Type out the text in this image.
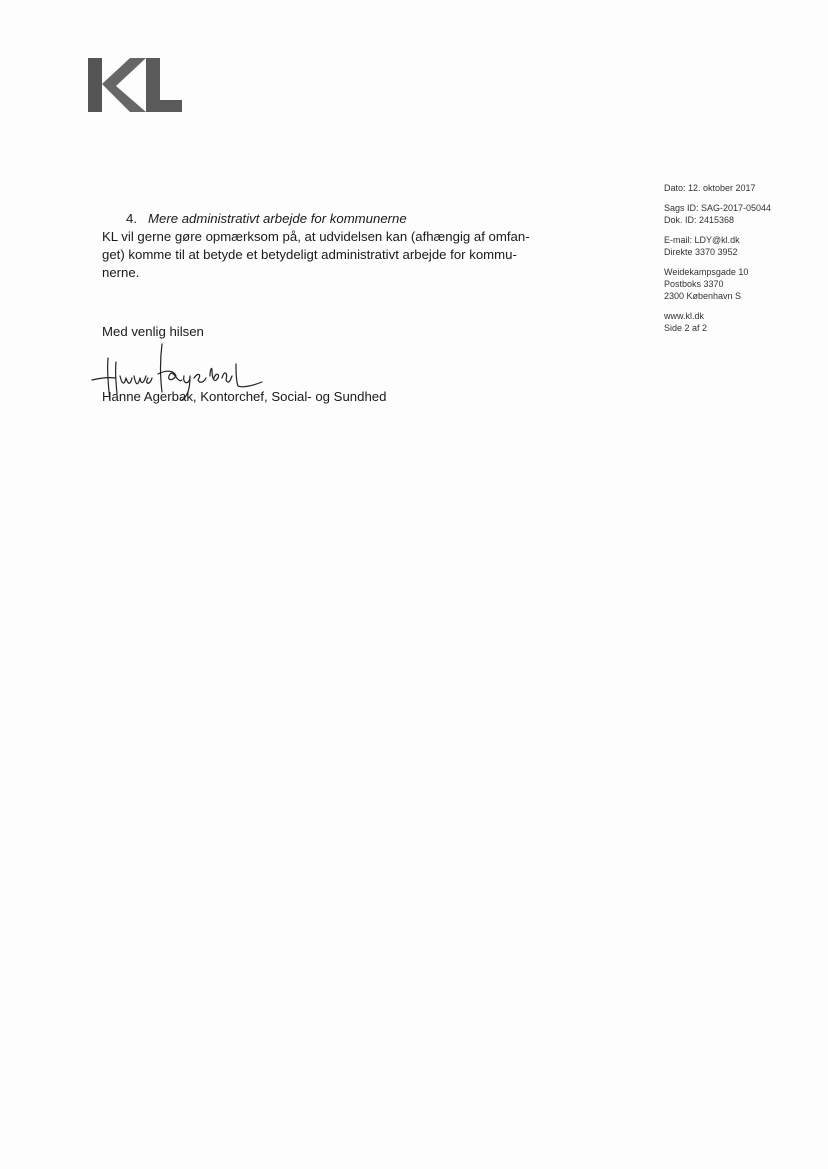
Dato: 12. oktober 2017
Sags ID: SAG-2017-05044
Dok. ID: 2415368
E-mail: LDY@kl.dk
Direkte 3370 3952
Weidekampsgade 10
Postboks 3370
2300 København S
www.kl.dk
Side 2 af 2
4. Mere administrativt arbejde for kommunerne

KL vil gerne gøre opmærksom på, at udvidelsen kan (afhængig af omfan-
get) komme til at betyde et betydeligt administrativt arbejde for kommu-
nerne.

Med venlig hilsen
Hanne Agerbak, Kontorchef, Social- og Sundhed
